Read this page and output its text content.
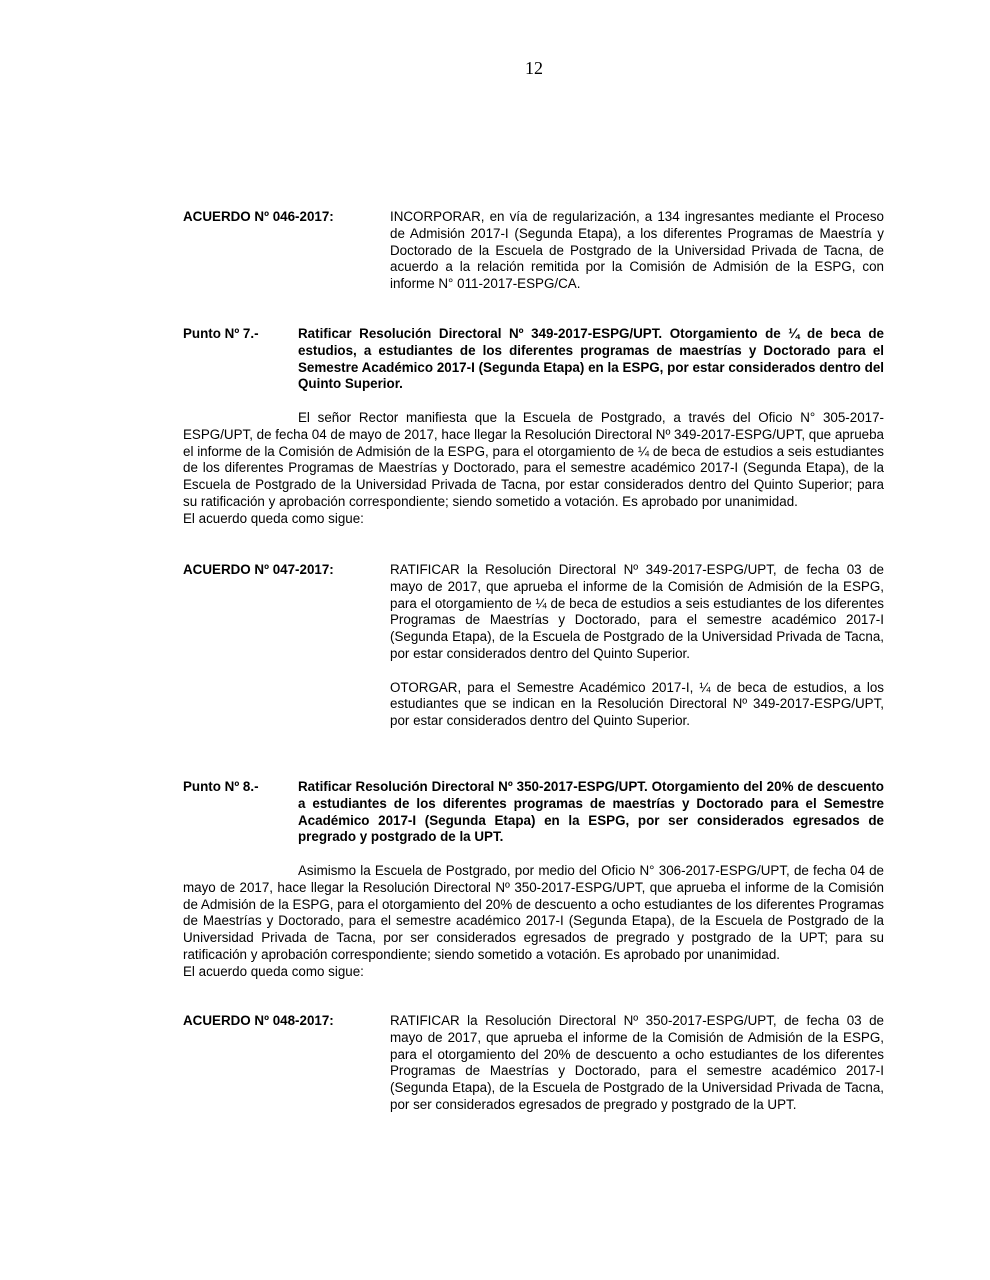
12
ACUERDO Nº 046-2017:	INCORPORAR, en vía de regularización, a 134 ingresantes mediante el Proceso de Admisión 2017-I (Segunda Etapa), a los diferentes Programas de Maestría y Doctorado de la Escuela de Postgrado de la Universidad Privada de Tacna, de acuerdo a la relación remitida por la Comisión de Admisión de la ESPG, con informe N° 011-2017-ESPG/CA.

Punto Nº 7.-	Ratificar Resolución Directoral Nº 349-2017-ESPG/UPT. Otorgamiento de ¼ de beca de estudios, a estudiantes de los diferentes programas de maestrías y Doctorado para el Semestre Académico 2017-I (Segunda Etapa) en la ESPG, por estar considerados dentro del Quinto Superior.

El señor Rector manifiesta que la Escuela de Postgrado, a través del Oficio N° 305-2017-ESPG/UPT, de fecha 04 de mayo de 2017, hace llegar la Resolución Directoral Nº 349-2017-ESPG/UPT, que aprueba el informe de la Comisión de Admisión de la ESPG, para el otorgamiento de ¼ de beca de estudios a seis estudiantes de los diferentes Programas de Maestrías y Doctorado, para el semestre académico 2017-I (Segunda Etapa), de la Escuela de Postgrado de la Universidad Privada de Tacna, por estar considerados dentro del Quinto Superior; para su ratificación y aprobación correspondiente; siendo sometido a votación. Es aprobado por unanimidad.

El acuerdo queda como sigue:

ACUERDO Nº 047-2017:	RATIFICAR la Resolución Directoral Nº 349-2017-ESPG/UPT, de fecha 03 de mayo de 2017, que aprueba el informe de la Comisión de Admisión de la ESPG, para el otorgamiento de ¼ de beca de estudios a seis estudiantes de los diferentes Programas de Maestrías y Doctorado, para el semestre académico 2017-I (Segunda Etapa), de la Escuela de Postgrado de la Universidad Privada de Tacna, por estar considerados dentro del Quinto Superior.

OTORGAR, para el Semestre Académico 2017-I, ¼ de beca de estudios, a los estudiantes que se indican en la Resolución Directoral Nº 349-2017-ESPG/UPT, por estar considerados dentro del Quinto Superior.

Punto Nº 8.-	Ratificar Resolución Directoral Nº 350-2017-ESPG/UPT. Otorgamiento del 20% de descuento a estudiantes de los diferentes programas de maestrías y Doctorado para el Semestre Académico 2017-I (Segunda Etapa) en la ESPG, por ser considerados egresados de pregrado y postgrado de la UPT.

Asimismo la Escuela de Postgrado, por medio del Oficio N° 306-2017-ESPG/UPT, de fecha 04 de mayo de 2017, hace llegar la Resolución Directoral Nº 350-2017-ESPG/UPT, que aprueba el informe de la Comisión de Admisión de la ESPG, para el otorgamiento del 20% de descuento a ocho estudiantes de los diferentes Programas de Maestrías y Doctorado, para el semestre académico 2017-I (Segunda Etapa), de la Escuela de Postgrado de la Universidad Privada de Tacna, por ser considerados egresados de pregrado y postgrado de la UPT; para su ratificación y aprobación correspondiente; siendo sometido a votación. Es aprobado por unanimidad.

El acuerdo queda como sigue:

ACUERDO Nº 048-2017:	RATIFICAR la Resolución Directoral Nº 350-2017-ESPG/UPT, de fecha 03 de mayo de 2017, que aprueba el informe de la Comisión de Admisión de la ESPG, para el otorgamiento del 20% de descuento a ocho estudiantes de los diferentes Programas de Maestrías y Doctorado, para el semestre académico 2017-I (Segunda Etapa), de la Escuela de Postgrado de la Universidad Privada de Tacna, por ser considerados egresados de pregrado y postgrado de la UPT.
